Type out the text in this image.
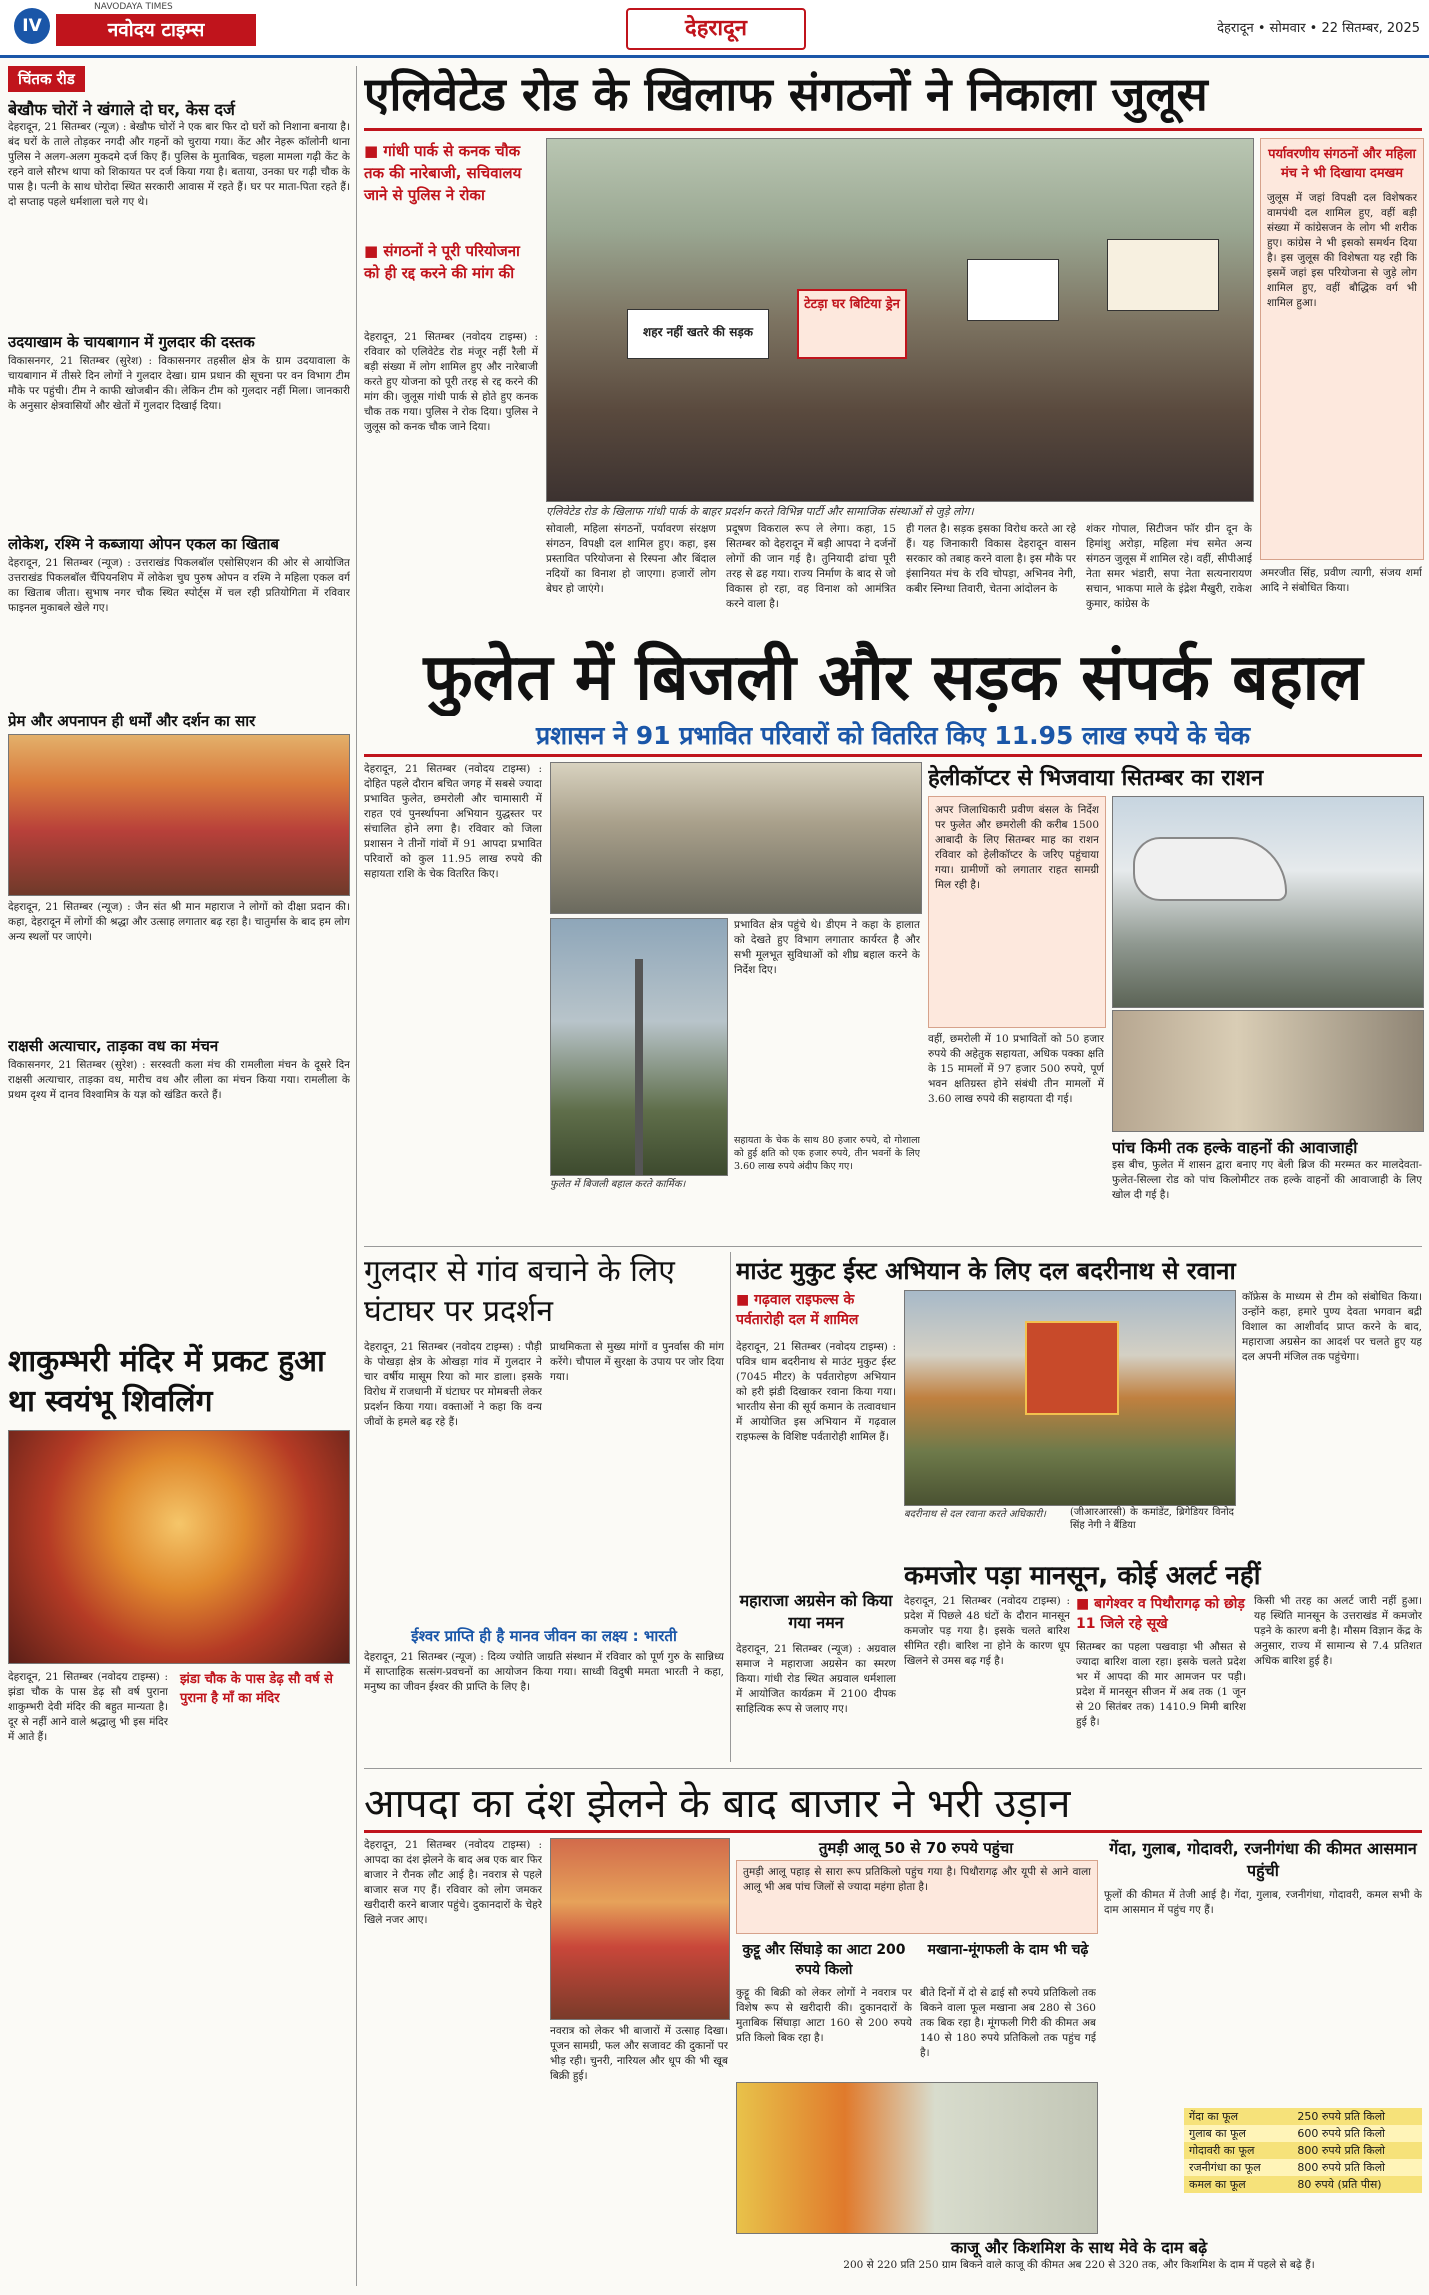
IV
NAVODAYA TIMES
नवोदय टाइम्स	देहरादून	देहरादून • सोमवार • 22 सितम्बर, 2025
चिंतक रीड
बेखौफ चोरों ने खंगाले दो घर, केस दर्ज
देहरादून, 21 सितम्बर (न्यूज) : बेखौफ चोरों ने एक बार फिर दो घरों को निशाना बनाया है। बंद घरों के ताले तोड़कर नगदी और गहनों को चुराया गया। केंट और नेहरू कॉलोनी थाना पुलिस ने अलग-अलग मुकदमे दर्ज किए हैं। पुलिस के मुताबिक, चहला मामला गढ़ी केंट के रहने वाले सौरभ थापा को शिकायत पर दर्ज किया गया है। बताया, उनका घर गढ़ी चौक के पास है। पत्नी के साथ घोरोदा स्थित सरकारी आवास में रहते हैं। घर पर माता-पिता रहते हैं। दो सप्ताह पहले धर्मशाला चले गए थे।
उदयाखाम के चायबागान में गुलदार की दस्तक
विकासनगर, 21 सितम्बर (सुरेश) : विकासनगर तहसील क्षेत्र के ग्राम उदयावाला के चायबागान में तीसरे दिन लोगों ने गुलदार देखा। ग्राम प्रधान की सूचना पर वन विभाग टीम मौके पर पहुंची। टीम ने काफी खोजबीन की। लेकिन टीम को गुलदार नहीं मिला। जानकारी के अनुसार क्षेत्रवासियों और खेतों में गुलदार दिखाई दिया।
लोकेश, रश्मि ने कब्जाया ओपन एकल का खिताब
देहरादून, 21 सितम्बर (न्यूज) : उत्तराखंड पिकलबॉल एसोसिएशन की ओर से आयोजित उत्तराखंड पिकलबॉल चैंपियनशिप में लोकेश चुघ पुरुष ओपन व रश्मि ने महिला एकल वर्ग का खिताब जीता। सुभाष नगर चौक स्थित स्पोर्ट्स में चल रही प्रतियोगिता में रविवार फाइनल मुकाबले खेले गए।
प्रेम और अपनापन ही धर्मों और दर्शन का सार
देहरादून, 21 सितम्बर (न्यूज) : जैन संत श्री मान महाराज ने लोगों को दीक्षा प्रदान की। कहा, देहरादून में लोगों की श्रद्धा और उत्साह लगातार बढ़ रहा है। चातुर्मास के बाद हम लोग अन्य स्थलों पर जाएंगे।
राक्षसी अत्याचार, ताड़का वध का मंचन
विकासनगर, 21 सितम्बर (सुरेश) : सरस्वती कला मंच की रामलीला मंचन के दूसरे दिन राक्षसी अत्याचार, ताड़का वध, मारीच वध और लीला का मंचन किया गया। रामलीला के प्रथम दृश्य में दानव विश्वामित्र के यज्ञ को खंडित करते हैं।
शाकुम्भरी मंदिर में प्रकट हुआ था स्वयंभू शिवलिंग
देहरादून, 21 सितम्बर (नवोदय टाइम्स) : झंडा चौक के पास डेढ़ सौ वर्ष पुराना शाकुम्भरी देवी मंदिर की बहुत मान्यता है। दूर से नहीं आने वाले श्रद्धालु भी इस मंदिर में आते हैं।
झंडा चौक के पास डेढ़ सौ वर्ष से पुराना है माँ का मंदिर
एलिवेटेड रोड के खिलाफ संगठनों ने निकाला जुलूस
■ गांधी पार्क से कनक चौक तक की नारेबाजी, सचिवालय जाने से पुलिस ने रोका
■ संगठनों ने पूरी परियोजना को ही रद्द करने की मांग की
देहरादून, 21 सितम्बर (नवोदय टाइम्स) : रविवार को एलिवेटेड रोड मंजूर नहीं रैली में बड़ी संख्या में लोग शामिल हुए और नारेबाजी करते हुए योजना को पूरी तरह से रद्द करने की मांग की। जुलूस गांधी पार्क से होते हुए कनक चौक तक गया। पुलिस ने रोक दिया। पुलिस ने जुलूस को कनक चौक जाने दिया।
टेटड़ा घर बिटिया ड्रेन
शहर नहीं खतरे की सड़क
एलिवेटेड रोड के खिलाफ गांधी पार्क के बाहर प्रदर्शन करते विभिन्न पार्टी और सामाजिक संस्थाओं से जुड़े लोग।
सोवाली, महिला संगठनों, पर्यावरण संरक्षण संगठन, विपक्षी दल शामिल हुए। कहा, इस प्रस्तावित परियोजना से रिस्पना और बिंदाल नदियों का विनाश हो जाएगा। हजारों लोग बेघर हो जाएंगे।
प्रदूषण विकराल रूप ले लेगा। कहा, 15 सितम्बर को देहरादून में बड़ी आपदा ने दर्जनों लोगों की जान गई है। तुनियादी ढांचा पूरी तरह से ढह गया। राज्य निर्माण के बाद से जो विकास हो रहा, वह विनाश को आमंत्रित करने वाला है।
ही गलत है। सड़क इसका विरोध करते आ रहे हैं। यह जिनाकारी विकास देहरादून वासन सरकार को तबाह करने वाला है। इस मौके पर इंसानियत मंच के रवि चोपड़ा, अभिनव नेगी, कबीर स्निग्धा तिवारी, चेतना आंदोलन के
शंकर गोपाल, सिटीजन फॉर ग्रीन दून के हिमांशु अरोड़ा, महिला मंच समेत अन्य संगठन जुलूस में शामिल रहे। वहीं, सीपीआई नेता समर भंडारी, सपा नेता सत्यनारायण सचान, भाकपा माले के इंद्रेश मैखुरी, राकेश कुमार, कांग्रेस के
पर्यावरणीय संगठनों और महिला मंच ने भी दिखाया दमखम
जुलूस में जहां विपक्षी दल विशेषकर वामपंथी दल शामिल हुए, वहीं बड़ी संख्या में कांग्रेसजन के लोग भी शरीक हुए। कांग्रेस ने भी इसको समर्थन दिया है। इस जुलूस की विशेषता यह रही कि इसमें जहां इस परियोजना से जुड़े लोग शामिल हुए, वहीं बौद्धिक वर्ग भी शामिल हुआ।
अमरजीत सिंह, प्रवीण त्यागी, संजय शर्मा आदि ने संबोधित किया।
फुलेत में बिजली और सड़क संपर्क बहाल
प्रशासन ने 91 प्रभावित परिवारों को वितरित किए 11.95 लाख रुपये के चेक
देहरादून, 21 सितम्बर (नवोदय टाइम्स) : दोहित पहले दौरान बचित जगह में सबसे ज्यादा प्रभावित फुलेत, छमरोली और चामासारी में राहत एवं पुनर्स्थापना अभियान युद्धस्तर पर संचालित होने लगा है। रविवार को जिला प्रशासन ने तीनों गांवों में 91 आपदा प्रभावित परिवारों को कुल 11.95 लाख रुपये की सहायता राशि के चेक वितरित किए।
फुलेत में बिजली बहाल करते कार्मिक।
प्रभावित क्षेत्र पहुंचे थे। डीएम ने कहा के हालात को देखते हुए विभाग लगातार कार्यरत है और सभी मूलभूत सुविधाओं को शीघ्र बहाल करने के निर्देश दिए।
सहायता के चेक के साथ 80 हजार रुपये, दो गोशाला को हुई क्षति को एक हजार रुपये, तीन भवनों के लिए 3.60 लाख रुपये अंदीप किए गए।
हेलीकॉप्टर से भिजवाया सितम्बर का राशन
अपर जिलाधिकारी प्रवीण बंसल के निर्देश पर फुलेत और छमरोली की करीब 1500 आबादी के लिए सितम्बर माह का राशन रविवार को हेलीकॉप्टर के जरिए पहुंचाया गया। ग्रामीणों को लगातार राहत सामग्री मिल रही है।
वहीं, छमरोली में 10 प्रभावितों को 50 हजार रुपये की अहेतुक सहायता, अधिक पक्का क्षति के 15 मामलों में 97 हजार 500 रुपये, पूर्ण भवन क्षतिग्रस्त होने संबंधी तीन मामलों में 3.60 लाख रुपये की सहायता दी गई।
पांच किमी तक हल्के वाहनों की आवाजाही
इस बीच, फुलेत में शासन द्वारा बनाए गए बेली ब्रिज की मरम्मत कर मालदेवता-फुलेत-सिल्ला रोड को पांच किलोमीटर तक हल्के वाहनों की आवाजाही के लिए खोल दी गई है।
गुलदार से गांव बचाने के लिए घंटाघर पर प्रदर्शन
देहरादून, 21 सितम्बर (नवोदय टाइम्स) : पौड़ी के पोखड़ा क्षेत्र के ओखड़ा गांव में गुलदार ने चार वर्षीय मासूम रिया को मार डाला। इसके विरोध में राजधानी में घंटाघर पर मोमबत्ती लेकर प्रदर्शन किया गया। वक्ताओं ने कहा कि वन्य जीवों के हमले बढ़ रहे हैं।
प्राथमिकता से मुख्य मांगों व पुनर्वास की मांग करेंगे। चौपाल में सुरक्षा के उपाय पर जोर दिया गया।
ईश्वर प्राप्ति ही है मानव जीवन का लक्ष्य : भारती
देहरादून, 21 सितम्बर (न्यूज) : दिव्य ज्योति जाग्रति संस्थान में रविवार को पूर्ण गुरु के सान्निध्य में साप्ताहिक सत्संग-प्रवचनों का आयोजन किया गया। साध्वी विदुषी ममता भारती ने कहा, मनुष्य का जीवन ईश्वर की प्राप्ति के लिए है।
माउंट मुकुट ईस्ट अभियान के लिए दल बदरीनाथ से रवाना
■ गढ़वाल राइफल्स के पर्वतारोही दल में शामिल
देहरादून, 21 सितम्बर (नवोदय टाइम्स) : पवित्र धाम बदरीनाथ से माउंट मुकुट ईस्ट (7045 मीटर) के पर्वतारोहण अभियान को हरी झंडी दिखाकर रवाना किया गया। भारतीय सेना की सूर्य कमान के तत्वावधान में आयोजित इस अभियान में गढ़वाल राइफल्स के विशिष्ट पर्वतारोही शामिल हैं।
बदरीनाथ से दल रवाना करते अधिकारी।	(जीआरआरसी) के कमांडेंट, ब्रिगेडियर विनोद सिंह नेगी ने बैंडिया
कॉफ्रेस के माध्यम से टीम को संबोधित किया। उन्होंने कहा, हमारे पुण्य देवता भगवान बद्री विशाल का आशीर्वाद प्राप्त करने के बाद, महाराजा अग्रसेन का आदर्श पर चलते हुए यह दल अपनी मंजिल तक पहुंचेगा।
महाराजा अग्रसेन को किया गया नमन
देहरादून, 21 सितम्बर (न्यूज) : अग्रवाल समाज ने महाराजा अग्रसेन का स्मरण किया। गांधी रोड स्थित अग्रवाल धर्मशाला में आयोजित कार्यक्रम में 2100 दीपक साहित्यिक रूप से जलाए गए।
कमजोर पड़ा मानसून, कोई अलर्ट नहीं
देहरादून, 21 सितम्बर (नवोदय टाइम्स) : प्रदेश में पिछले 48 घंटों के दौरान मानसून कमजोर पड़ गया है। इसके चलते बारिश सीमित रही। बारिश ना होने के कारण धूप खिलने से उमस बढ़ गई है।
■ बागेश्वर व पिथौरागढ़ को छोड़ 11 जिले रहे सूखे
सितम्बर का पहला पखवाड़ा भी औसत से ज्यादा बारिश वाला रहा। इसके चलते प्रदेश भर में आपदा की मार आमजन पर पड़ी। प्रदेश में मानसून सीजन में अब तक (1 जून से 20 सितंबर तक) 1410.9 मिमी बारिश हुई है।
किसी भी तरह का अलर्ट जारी नहीं हुआ। यह स्थिति मानसून के उत्तराखंड में कमजोर पड़ने के कारण बनी है। मौसम विज्ञान केंद्र के अनुसार, राज्य में सामान्य से 7.4 प्रतिशत अधिक बारिश हुई है।
आपदा का दंश झेलने के बाद बाजार ने भरी उड़ान
देहरादून, 21 सितम्बर (नवोदय टाइम्स) : आपदा का दंश झेलने के बाद अब एक बार फिर बाजार ने रौनक लौट आई है। नवरात्र से पहले बाजार सज गए हैं। रविवार को लोग जमकर खरीदारी करने बाजार पहुंचे। दुकानदारों के चेहरे खिले नजर आए।
नवरात्र को लेकर भी बाजारों में उत्साह दिखा। पूजन सामग्री, फल और सजावट की दुकानों पर भीड़ रही। चुनरी, नारियल और धूप की भी खूब बिक्री हुई।
तुमड़ी आलू 50 से 70 रुपये पहुंचा
तुमड़ी आलू पहाड़ से सारा रूप प्रतिकिलो पहुंच गया है। पिथौरागढ़ और यूपी से आने वाला आलू भी अब पांच जिलों से ज्यादा महंगा होता है।
कुट्टू और सिंघाड़े का आटा 200 रुपये किलो
कुट्टू की बिक्री को लेकर लोगों ने नवरात्र पर विशेष रूप से खरीदारी की। दुकानदारों के मुताबिक सिंघाड़ा आटा 160 से 200 रुपये प्रति किलो बिक रहा है।
मखाना-मूंगफली के दाम भी चढ़े
बीते दिनों में दो से ढाई सौ रुपये प्रतिकिलो तक बिकने वाला फूल मखाना अब 280 से 360 तक बिक रहा है। मूंगफली गिरी की कीमत अब 140 से 180 रुपये प्रतिकिलो तक पहुंच गई है।
गेंदा, गुलाब, गोदावरी, रजनीगंधा की कीमत आसमान पहुंची
फूलों की कीमत में तेजी आई है। गेंदा, गुलाब, रजनीगंधा, गोदावरी, कमल सभी के दाम आसमान में पहुंच गए हैं।
गेंदा का फूल	250 रुपये प्रति किलो
गुलाब का फूल	600 रुपये प्रति किलो
गोदावरी का फूल	800 रुपये प्रति किलो
रजनीगंधा का फूल	800 रुपये प्रति किलो
कमल का फूल	80 रुपये (प्रति पीस)
काजू और किशमिश के साथ मेवे के दाम बढ़े
200 से 220 प्रति 250 ग्राम बिकने वाले काजू की कीमत अब 220 से 320 तक, और किशमिश के दाम में पहले से बढ़े हैं।
